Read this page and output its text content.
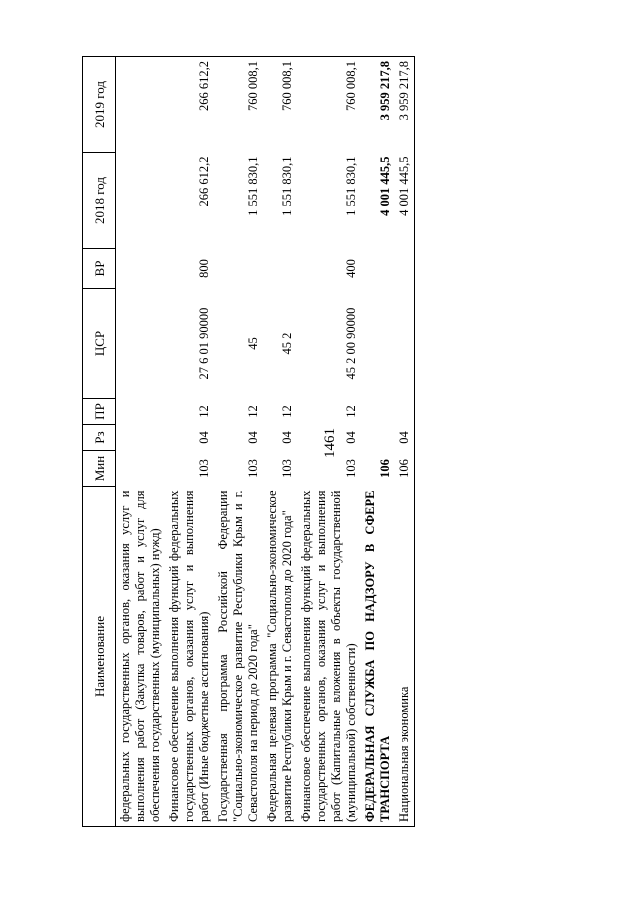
1461
Наименование	Мин	Рз	ПР	ЦСР	ВР	2018 год	2019 год
федеральных государственных органов, оказания услуг и выполнения работ (Закупка товаров, работ и услуг для обеспечения государственных (муниципальных) нужд)							
Финансовое обеспечение выполнения функций федеральных государственных органов, оказания услуг и выполнения работ (Иные бюджетные ассигнования)	103	04	12	27 6 01 90000	800	266 612,2	266 612,2
Государственная программа Российской Федерации "Социально-экономическое развитие Республики Крым и г. Севастополя на период до 2020 года"	103	04	12	45		1 551 830,1	760 008,1
Федеральная целевая программа "Социально-экономическое развитие Республики Крым и г. Севастополя до 2020 года"	103	04	12	45 2		1 551 830,1	760 008,1
Финансовое обеспечение выполнения функций федеральных государственных органов, оказания услуг и выполнения работ (Капитальные вложения в объекты государственной (муниципальной) собственности)	103	04	12	45 2 00 90000	400	1 551 830,1	760 008,1
ФЕДЕРАЛЬНАЯ СЛУЖБА ПО НАДЗОРУ В СФЕРЕ ТРАНСПОРТА	106					4 001 445,5	3 959 217,8
Национальная экономика	106	04				4 001 445,5	3 959 217,8
